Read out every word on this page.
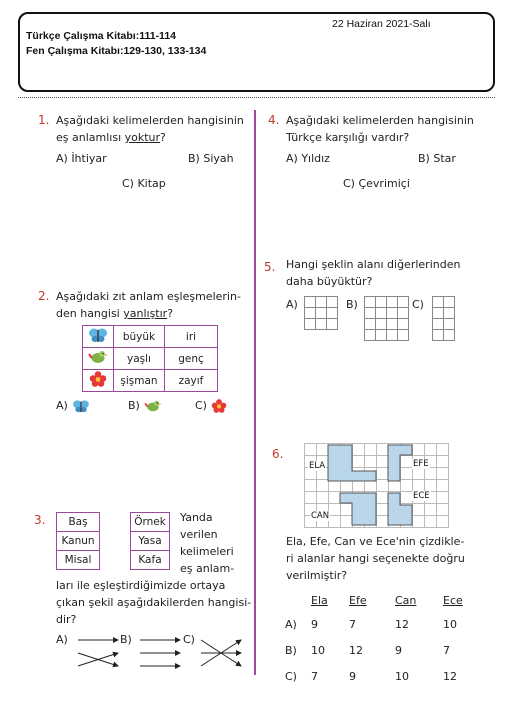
22 Haziran 2021-Salı
Türkçe Çalışma Kitabı:111-114
Fen Çalışma Kitabı:129-130, 133-134
1. Aşağıdaki kelimelerden hangisinin
eş anlamlısı yoktur?
A) İhtiyar	B) Siyah
C) Kitap
2. Aşağıdaki zıt anlam eşleşmelerin-
den hangisi yanlıştır?
	büyük	iri
	yaşlı	genç
	şişman	zayıf
A)	B)	C)
3.	Baş
Kanun
Misal
Örnek
Yasa
Kafa
Yanda
verilen
kelimeleri
eş anlam-
ları ile eşleştirdiğimizde ortaya
çıkan şekil aşağıdakilerden hangisi-
dir?
A)	B)	C)
4. Aşağıdaki kelimelerden hangisinin
Türkçe karşılığı vardır?
A) Yıldız	B) Star
C) Çevrimiçi
5. Hangi şeklin alanı diğerlerinden
daha büyüktür?
A)	B)	C)
6.
ELA	EFE
ECE
CAN
Ela, Efe, Can ve Ece'nin çizdikle-
ri alanlar hangi seçenekte doğru
verilmiştir?
	Ela	Efe	Can	Ece
A)	9	7	12	10
B)	10	12	9	7
C)	7	9	10	12
